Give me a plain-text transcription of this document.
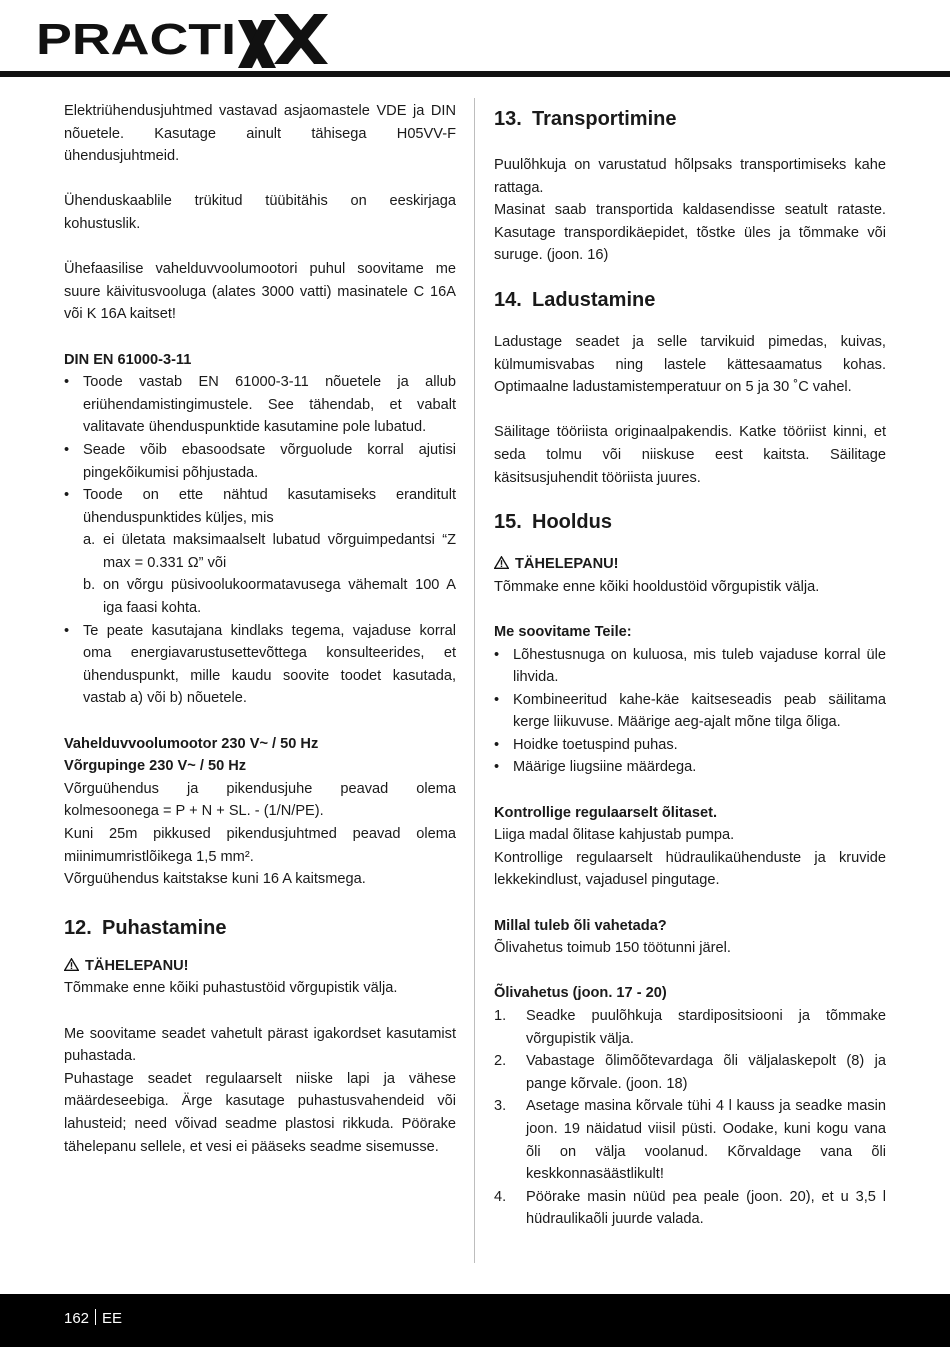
PRACTI

Elektriühendusjuhtmed vastavad asjaomastele VDE ja DIN nõuetele. Kasutage ainult tähisega H05VV-F ühendusjuhtmeid.

Ühenduskaablile trükitud tüübitähis on eeskirjaga kohustuslik.

Ühefaasilise vahelduvvoolumootori puhul soovitame me suure käivitusvooluga (alates 3000 vatti) masinatele C 16A või K 16A kaitset!

DIN EN 61000-3-11

• Toode vastab EN 61000-3-11 nõuetele ja allub eriühendamistingimustele. See tähendab, et vabalt valitavate ühenduspunktide kasutamine pole lubatud.
• Seade võib ebasoodsate võrguolude korral ajutisi pingekõikumisi põhjustada.
• Toode on ette nähtud kasutamiseks eranditult ühenduspunktides küljes, mis
a. ei ületata maksimaalselt lubatud võrguimpedantsi “Z max = 0.331 Ω” või
b. on võrgu püsivoolukoormatavusega vähemalt 100 A iga faasi kohta.
• Te peate kasutajana kindlaks tegema, vajaduse korral oma energiavarustusettevõttega konsulteerides, et ühenduspunkt, mille kaudu soovite toodet kasutada, vastab a) või b) nõuetele.

Vahelduvvoolumootor 230 V~ / 50 Hz

Võrgupinge 230 V~ / 50 Hz

Võrguühendus ja pikendusjuhe peavad olema kolmesoonega = P + N + SL. - (1/N/PE).

Kuni 25m pikkused pikendusjuhtmed peavad olema miinimumristlõikega 1,5 mm².

Võrguühendus kaitstakse kuni 16 A kaitsmega.

12. Puhastamine

TÄHELEPANU!

Tõmmake enne kõiki puhastustöid võrgupistik välja.

Me soovitame seadet vahetult pärast igakordset kasutamist puhastada.

Puhastage seadet regulaarselt niiske lapi ja vähese määrdeseebiga. Ärge kasutage puhastusvahendeid või lahusteid; need võivad seadme plastosi rikkuda. Pöörake tähelepanu sellele, et vesi ei pääseks seadme sisemusse.

13. Transportimine

Puulõhkuja on varustatud hõlpsaks transportimiseks kahe rattaga.

Masinat saab transportida kaldasendisse seatult rataste. Kasutage transpordikäepidet, tõstke üles ja tõmmake või suruge. (joon. 16)

14. Ladustamine

Ladustage seadet ja selle tarvikuid pimedas, kuivas, külmumisvabas ning lastele kättesaamatus kohas. Optimaalne ladustamistemperatuur on 5 ja 30 ˚C vahel.

Säilitage tööriista originaalpakendis. Katke tööriist kinni, et seda tolmu või niiskuse eest kaitsta. Säilitage käsitsusjuhendit tööriista juures.

15. Hooldus

TÄHELEPANU!

Tõmmake enne kõiki hooldustöid võrgupistik välja.

Me soovitame Teile:

• Lõhestusnuga on kuluosa, mis tuleb vajaduse korral üle lihvida.
• Kombineeritud kahe-käe kaitseseadis peab säilitama kerge liikuvuse. Määrige aeg-ajalt mõne tilga õliga.
• Hoidke toetuspind puhas.
• Määrige liugsiine määrdega.

Kontrollige regulaarselt õlitaset.

Liiga madal õlitase kahjustab pumpa.

Kontrollige regulaarselt hüdraulikaühenduste ja kruvide lekkekindlust, vajadusel pingutage.

Millal tuleb õli vahetada?

Õlivahetus toimub 150 töötunni järel.

Õlivahetus (joon. 17 - 20)

1. Seadke puulõhkuja stardipositsiooni ja tõmmake võrgupistik välja.
2. Vabastage õlimõõtevardaga õli väljalaskepolt (8) ja pange kõrvale. (joon. 18)
3. Asetage masina kõrvale tühi 4 l kauss ja seadke masin joon. 19 näidatud viisil püsti. Oodake, kuni kogu vana õli on välja voolanud. Kõrvaldage vana õli keskkonnasäästlikult!
4. Pöörake masin nüüd pea peale (joon. 20), et u 3,5 l hüdraulikaõli juurde valada.
162 EE
